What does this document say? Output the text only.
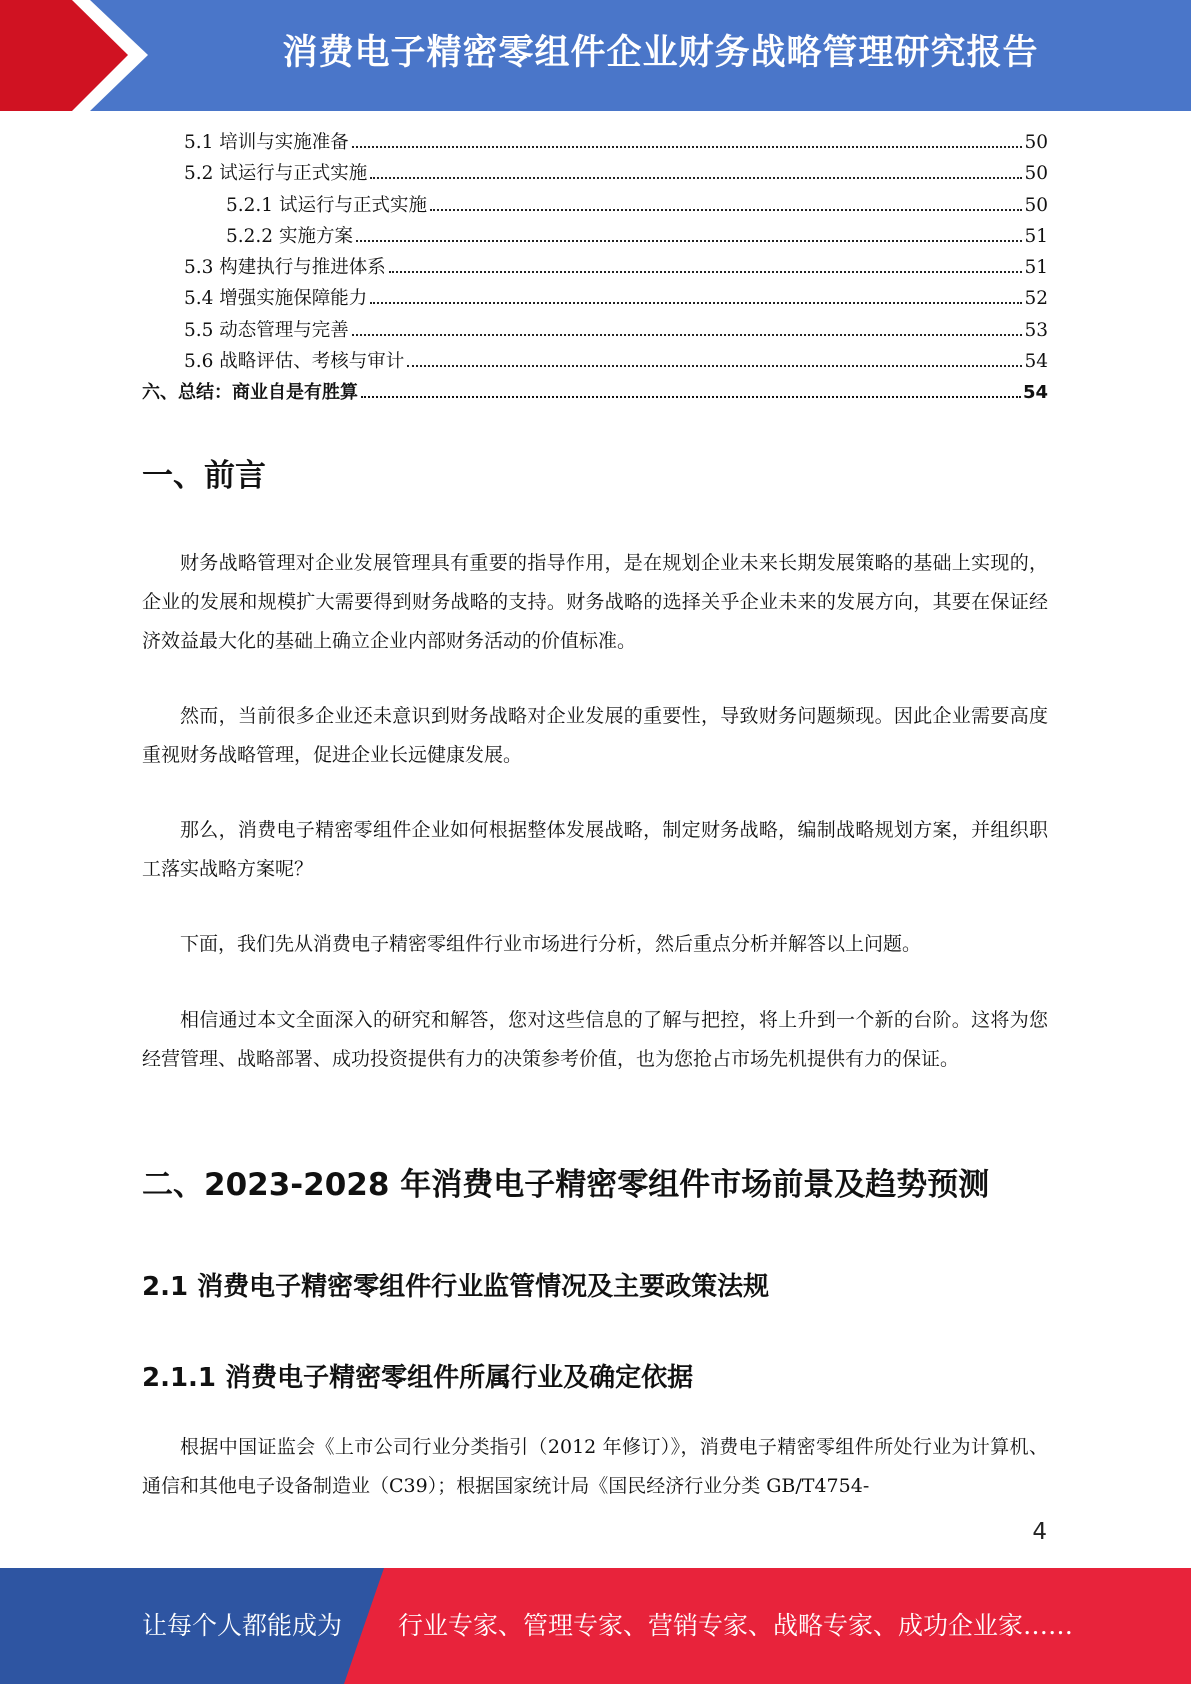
消费电子精密零组件企业财务战略管理研究报告
5.1 培训与实施准备	50
5.2 试运行与正式实施	50
5.2.1 试运行与正式实施	50
5.2.2 实施方案	51
5.3 构建执行与推进体系	51
5.4 增强实施保障能力	52
5.5 动态管理与完善	53
5.6 战略评估、考核与审计	54
六、总结：商业自是有胜算	54
一、前言

财务战略管理对企业发展管理具有重要的指导作用，是在规划企业未来长期发展策略的基础上实现的，企业的发展和规模扩大需要得到财务战略的支持。财务战略的选择关乎企业未来的发展方向，其要在保证经济效益最大化的基础上确立企业内部财务活动的价值标准。

然而，当前很多企业还未意识到财务战略对企业发展的重要性，导致财务问题频现。因此企业需要高度重视财务战略管理，促进企业长远健康发展。

那么，消费电子精密零组件企业如何根据整体发展战略，制定财务战略，编制战略规划方案，并组织职工落实战略方案呢？

下面，我们先从消费电子精密零组件行业市场进行分析，然后重点分析并解答以上问题。

相信通过本文全面深入的研究和解答，您对这些信息的了解与把控，将上升到一个新的台阶。这将为您经营管理、战略部署、成功投资提供有力的决策参考价值，也为您抢占市场先机提供有力的保证。

二、2023-2028 年消费电子精密零组件市场前景及趋势预测
2.1 消费电子精密零组件行业监管情况及主要政策法规
2.1.1 消费电子精密零组件所属行业及确定依据

根据中国证监会《上市公司行业分类指引（2012 年修订）》，消费电子精密零组件所处行业为计算机、通信和其他电子设备制造业（C39）；根据国家统计局《国民经济行业分类 GB/T4754-

4
让每个人都能成为 行业专家、管理专家、营销专家、战略专家、成功企业家……
